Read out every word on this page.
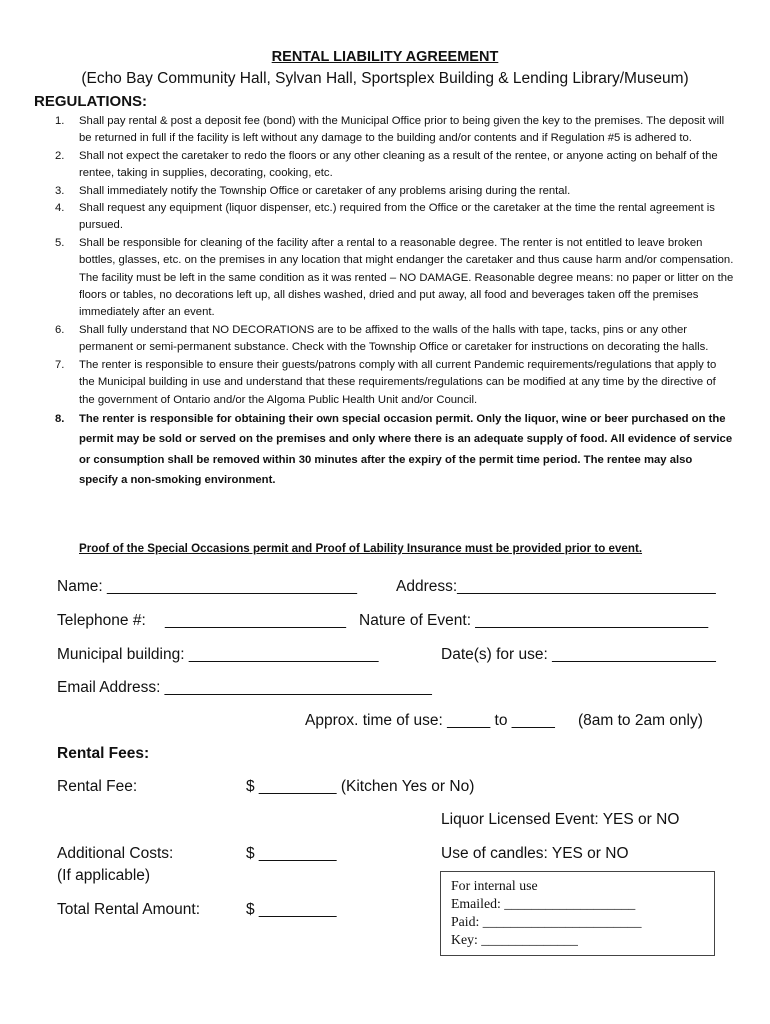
RENTAL LIABILITY AGREEMENT

(Echo Bay Community Hall, Sylvan Hall, Sportsplex Building & Lending Library/Museum)

REGULATIONS:
1. Shall pay rental & post a deposit fee (bond) with the Municipal Office prior to being given the key to the premises. The deposit will be returned in full if the facility is left without any damage to the building and/or contents and if Regulation #5 is adhered to.
2. Shall not expect the caretaker to redo the floors or any other cleaning as a result of the rentee, or anyone acting on behalf of the rentee, taking in supplies, decorating, cooking, etc.
3. Shall immediately notify the Township Office or caretaker of any problems arising during the rental.
4. Shall request any equipment (liquor dispenser, etc.) required from the Office or the caretaker at the time the rental agreement is pursued.
5. Shall be responsible for cleaning of the facility after a rental to a reasonable degree. The renter is not entitled to leave broken bottles, glasses, etc. on the premises in any location that might endanger the caretaker and thus cause harm and/or compensation. The facility must be left in the same condition as it was rented – NO DAMAGE. Reasonable degree means: no paper or litter on the floors or tables, no decorations left up, all dishes washed, dried and put away, all food and beverages taken off the premises immediately after an event.
6. Shall fully understand that NO DECORATIONS are to be affixed to the walls of the halls with tape, tacks, pins or any other permanent or semi-permanent substance. Check with the Township Office or caretaker for instructions on decorating the halls.
7. The renter is responsible to ensure their guests/patrons comply with all current Pandemic requirements/regulations that apply to the Municipal building in use and understand that these requirements/regulations can be modified at any time by the directive of the government of Ontario and/or the Algoma Public Health Unit and/or Council.
8. The renter is responsible for obtaining their own special occasion permit. Only the liquor, wine or beer purchased on the permit may be sold or served on the premises and only where there is an adequate supply of food. All evidence of service or consumption shall be removed within 30 minutes after the expiry of the permit time period. The rentee may also specify a non-smoking environment.

Proof of the Special Occasions permit and Proof of Lability Insurance must be provided prior to event.

Name: _____________________________	Address:______________________________
Telephone #: _____________________ Nature of Event: ___________________________
Municipal building: ______________________	Date(s) for use: ___________________
Email Address: _______________________________
Approx. time of use: _____ to _____ (8am to 2am only)
Rental Fees:
Rental Fee:	$ _________ (Kitchen Yes or No)
Liquor Licensed Event: YES or NO
Additional Costs:
(If applicable)
$ _________	Use of candles: YES or NO
Total Rental Amount:	$ _________
For internal use
Emailed: ___________________
Paid: _______________________
Key: ______________
